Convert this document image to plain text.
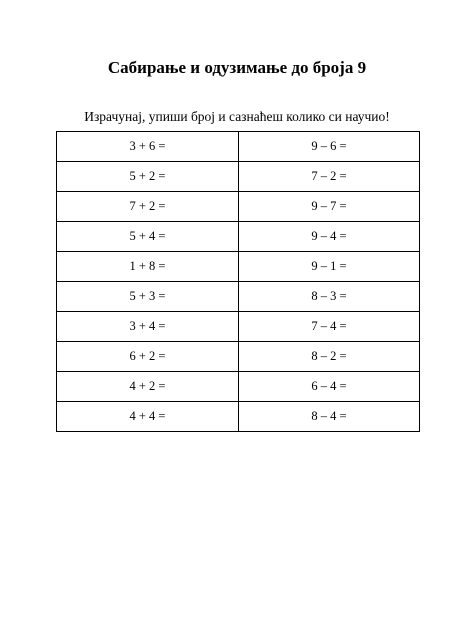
Сабирање и одузимање до броја 9
Израчунај, упиши број и сазнаћеш колико си научио!
3 + 6 =	9 – 6 =
5 + 2 =	7 – 2 =
7 + 2 =	9 – 7 =
5 + 4 =	9 – 4 =
1 + 8 =	9 – 1 =
5 + 3 =	8 – 3 =
3 + 4 =	7 – 4 =
6 + 2 =	8 – 2 =
4 + 2 =	6 – 4 =
4 + 4 =	8 – 4 =
